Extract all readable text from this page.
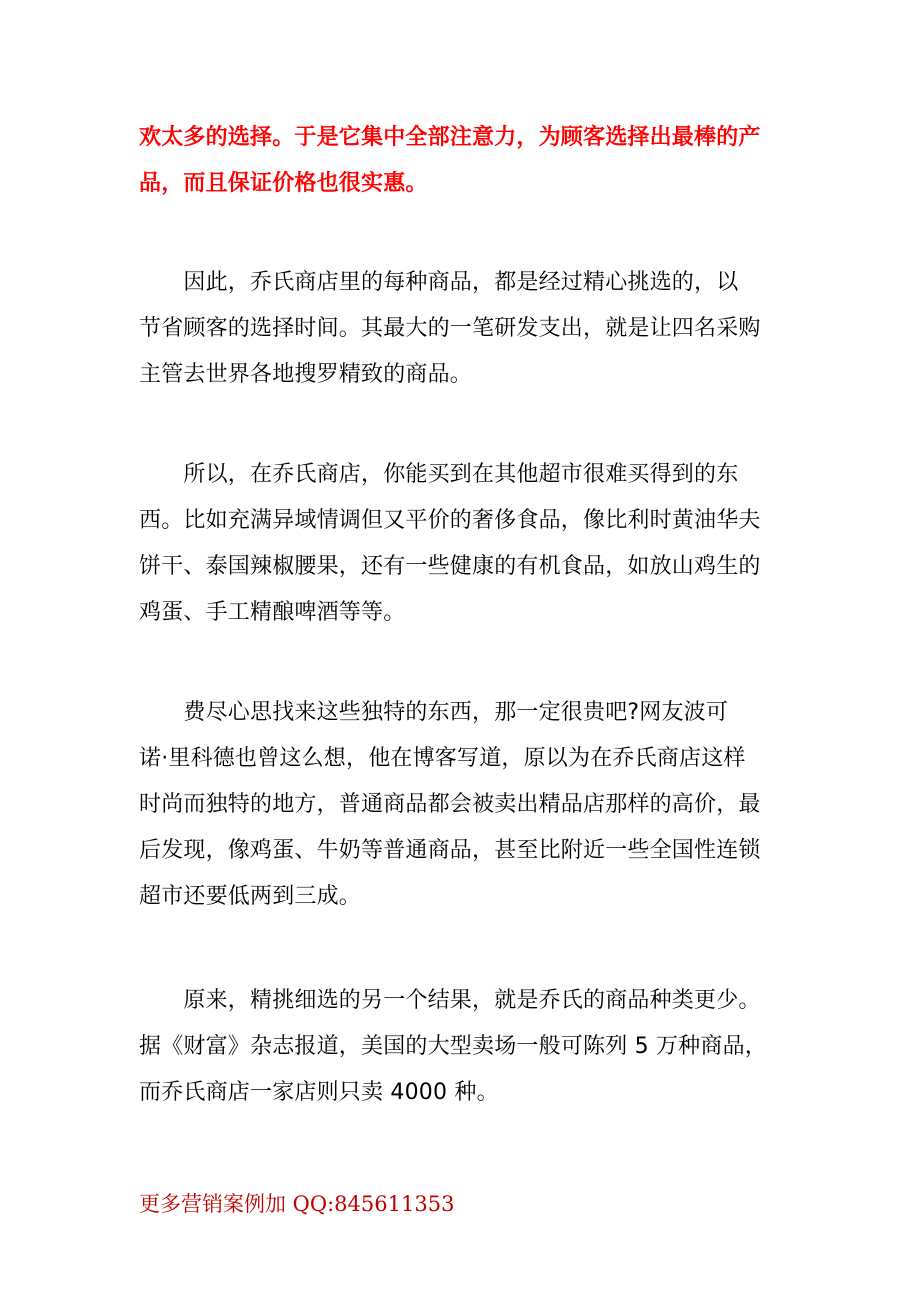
欢太多的选择。于是它集中全部注意力，为顾客选择出最棒的产
品，而且保证价格也很实惠。
　　因此，乔氏商店里的每种商品，都是经过精心挑选的，以
节省顾客的选择时间。其最大的一笔研发支出，就是让四名采购
主管去世界各地搜罗精致的商品。
　　所以，在乔氏商店，你能买到在其他超市很难买得到的东
西。比如充满异域情调但又平价的奢侈食品，像比利时黄油华夫
饼干、泰国辣椒腰果，还有一些健康的有机食品，如放山鸡生的
鸡蛋、手工精酿啤酒等等。
　　费尽心思找来这些独特的东西，那一定很贵吧?网友波可
诺·里科德也曾这么想，他在博客写道，原以为在乔氏商店这样
时尚而独特的地方，普通商品都会被卖出精品店那样的高价，最
后发现，像鸡蛋、牛奶等普通商品，甚至比附近一些全国性连锁
超市还要低两到三成。
　　原来，精挑细选的另一个结果，就是乔氏的商品种类更少。
据《财富》杂志报道，美国的大型卖场一般可陈列 5 万种商品，
而乔氏商店一家店则只卖 4000 种。
更多营销案例加 QQ:845611353
